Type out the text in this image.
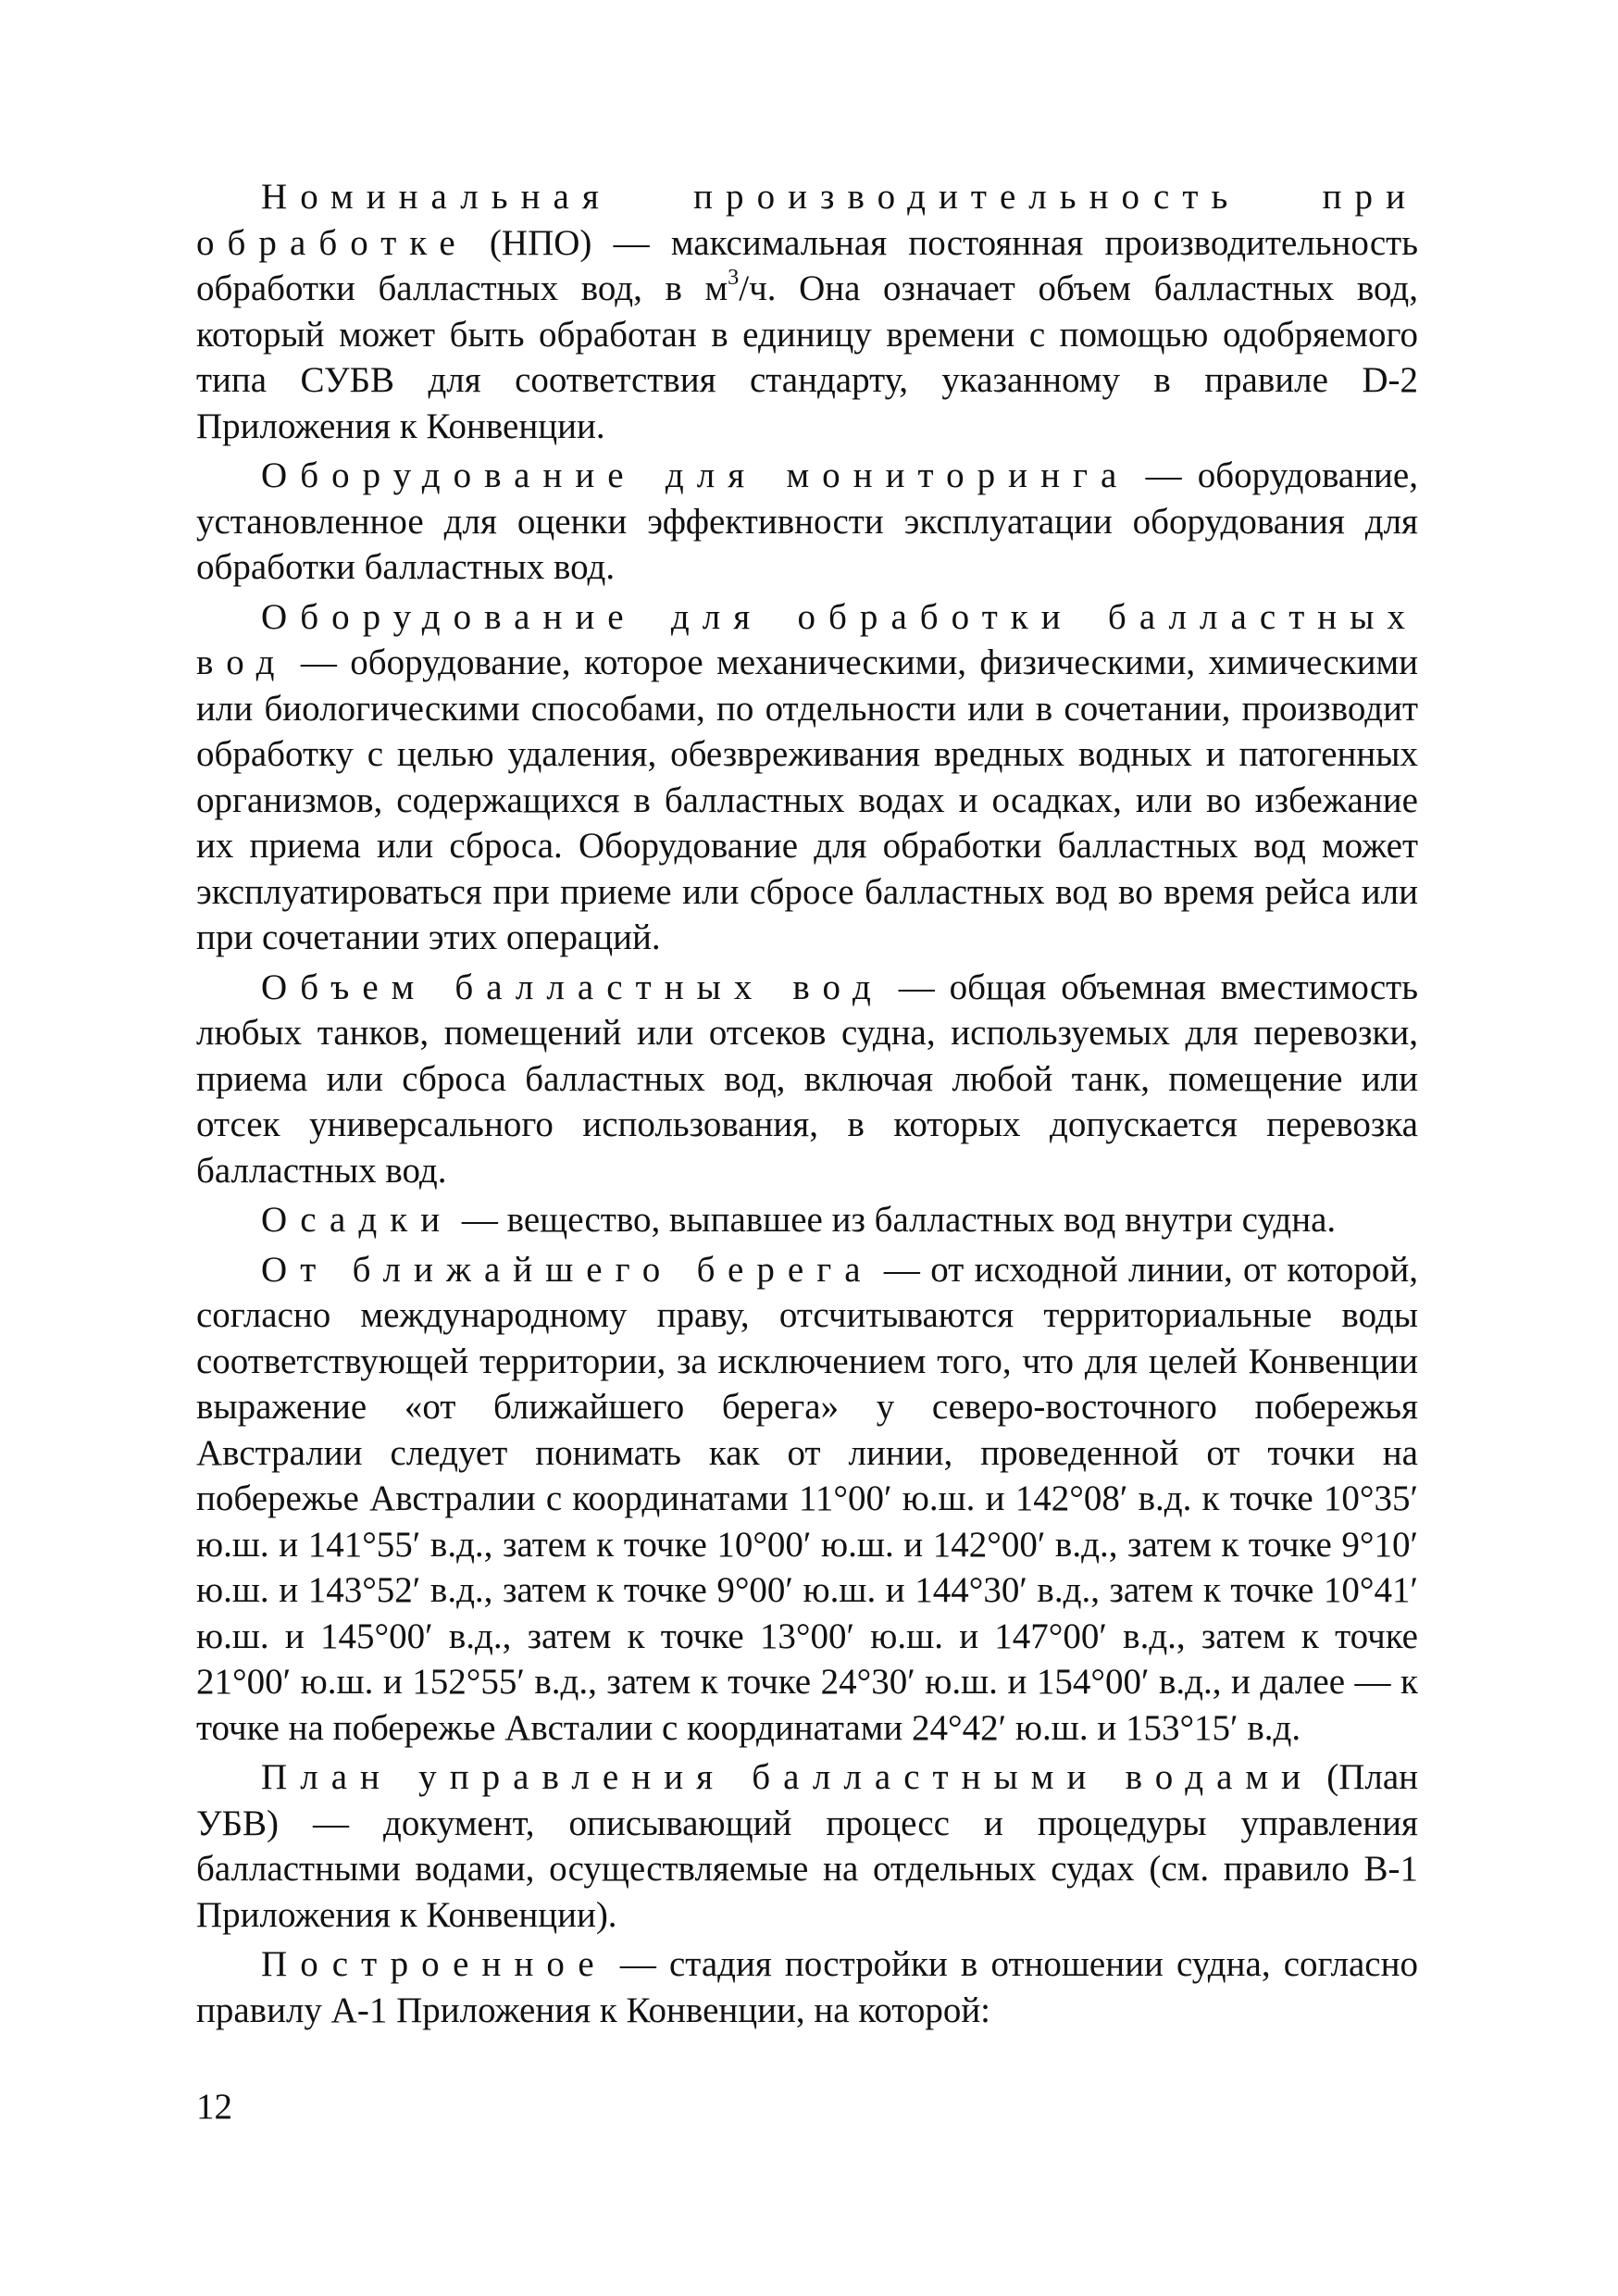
Номинальная производительность при обработке (НПО) — максимальная постоянная производительность обработки балластных вод, в $м^3/ч$. Она означает объем балластных вод, который может быть обработан в единицу времени с помощью одобряемого типа СУБВ для соответствия стандарту, указанному в правиле D-2 Приложения к Конвенции.

Оборудование для мониторинга — оборудование, установленное для оценки эффективности эксплуатации оборудования для обработки балластных вод.

Оборудование для обработки балластных вод — оборудование, которое механическими, физическими, химическими или биологическими способами, по отдельности или в сочетании, производит обработку с целью удаления, обезвреживания вредных водных и патогенных организмов, содержащихся в балластных водах и осадках, или во избежание их приема или сброса. Оборудование для обработки балластных вод может эксплуатироваться при приеме или сбросе балластных вод во время рейса или при сочетании этих операций.

Объем балластных вод — общая объемная вместимость любых танков, помещений или отсеков судна, используемых для перевозки, приема или сброса балластных вод, включая любой танк, помещение или отсек универсального использования, в которых допускается перевозка балластных вод.

Осадки — вещество, выпавшее из балластных вод внутри судна.

От ближайшего берега — от исходной линии, от которой, согласно международному праву, отсчитываются территориальные воды соответствующей территории, за исключением того, что для целей Конвенции выражение «от ближайшего берега» у северо-восточного побережья Австралии следует понимать как от линии, проведенной от точки на побережье Австралии с координатами 11°00′ ю.ш. и 142°08′ в.д. к точке 10°35′ ю.ш. и 141°55′ в.д., затем к точке 10°00′ ю.ш. и 142°00′ в.д., затем к точке 9°10′ ю.ш. и 143°52′ в.д., затем к точке 9°00′ ю.ш. и 144°30′ в.д., затем к точке 10°41′ ю.ш. и 145°00′ в.д., затем к точке 13°00′ ю.ш. и 147°00′ в.д., затем к точке 21°00′ ю.ш. и 152°55′ в.д., затем к точке 24°30′ ю.ш. и 154°00′ в.д., и далее — к точке на побережье Австалии с координатами 24°42′ ю.ш. и 153°15′ в.д.

План управления балластными водами (План УБВ) — документ, описывающий процесс и процедуры управления балластными водами, осуществляемые на отдельных судах (см. правило В-1 Приложения к Конвенции).

Построенное — стадия постройки в отношении судна, согласно правилу А-1 Приложения к Конвенции, на которой:

12
